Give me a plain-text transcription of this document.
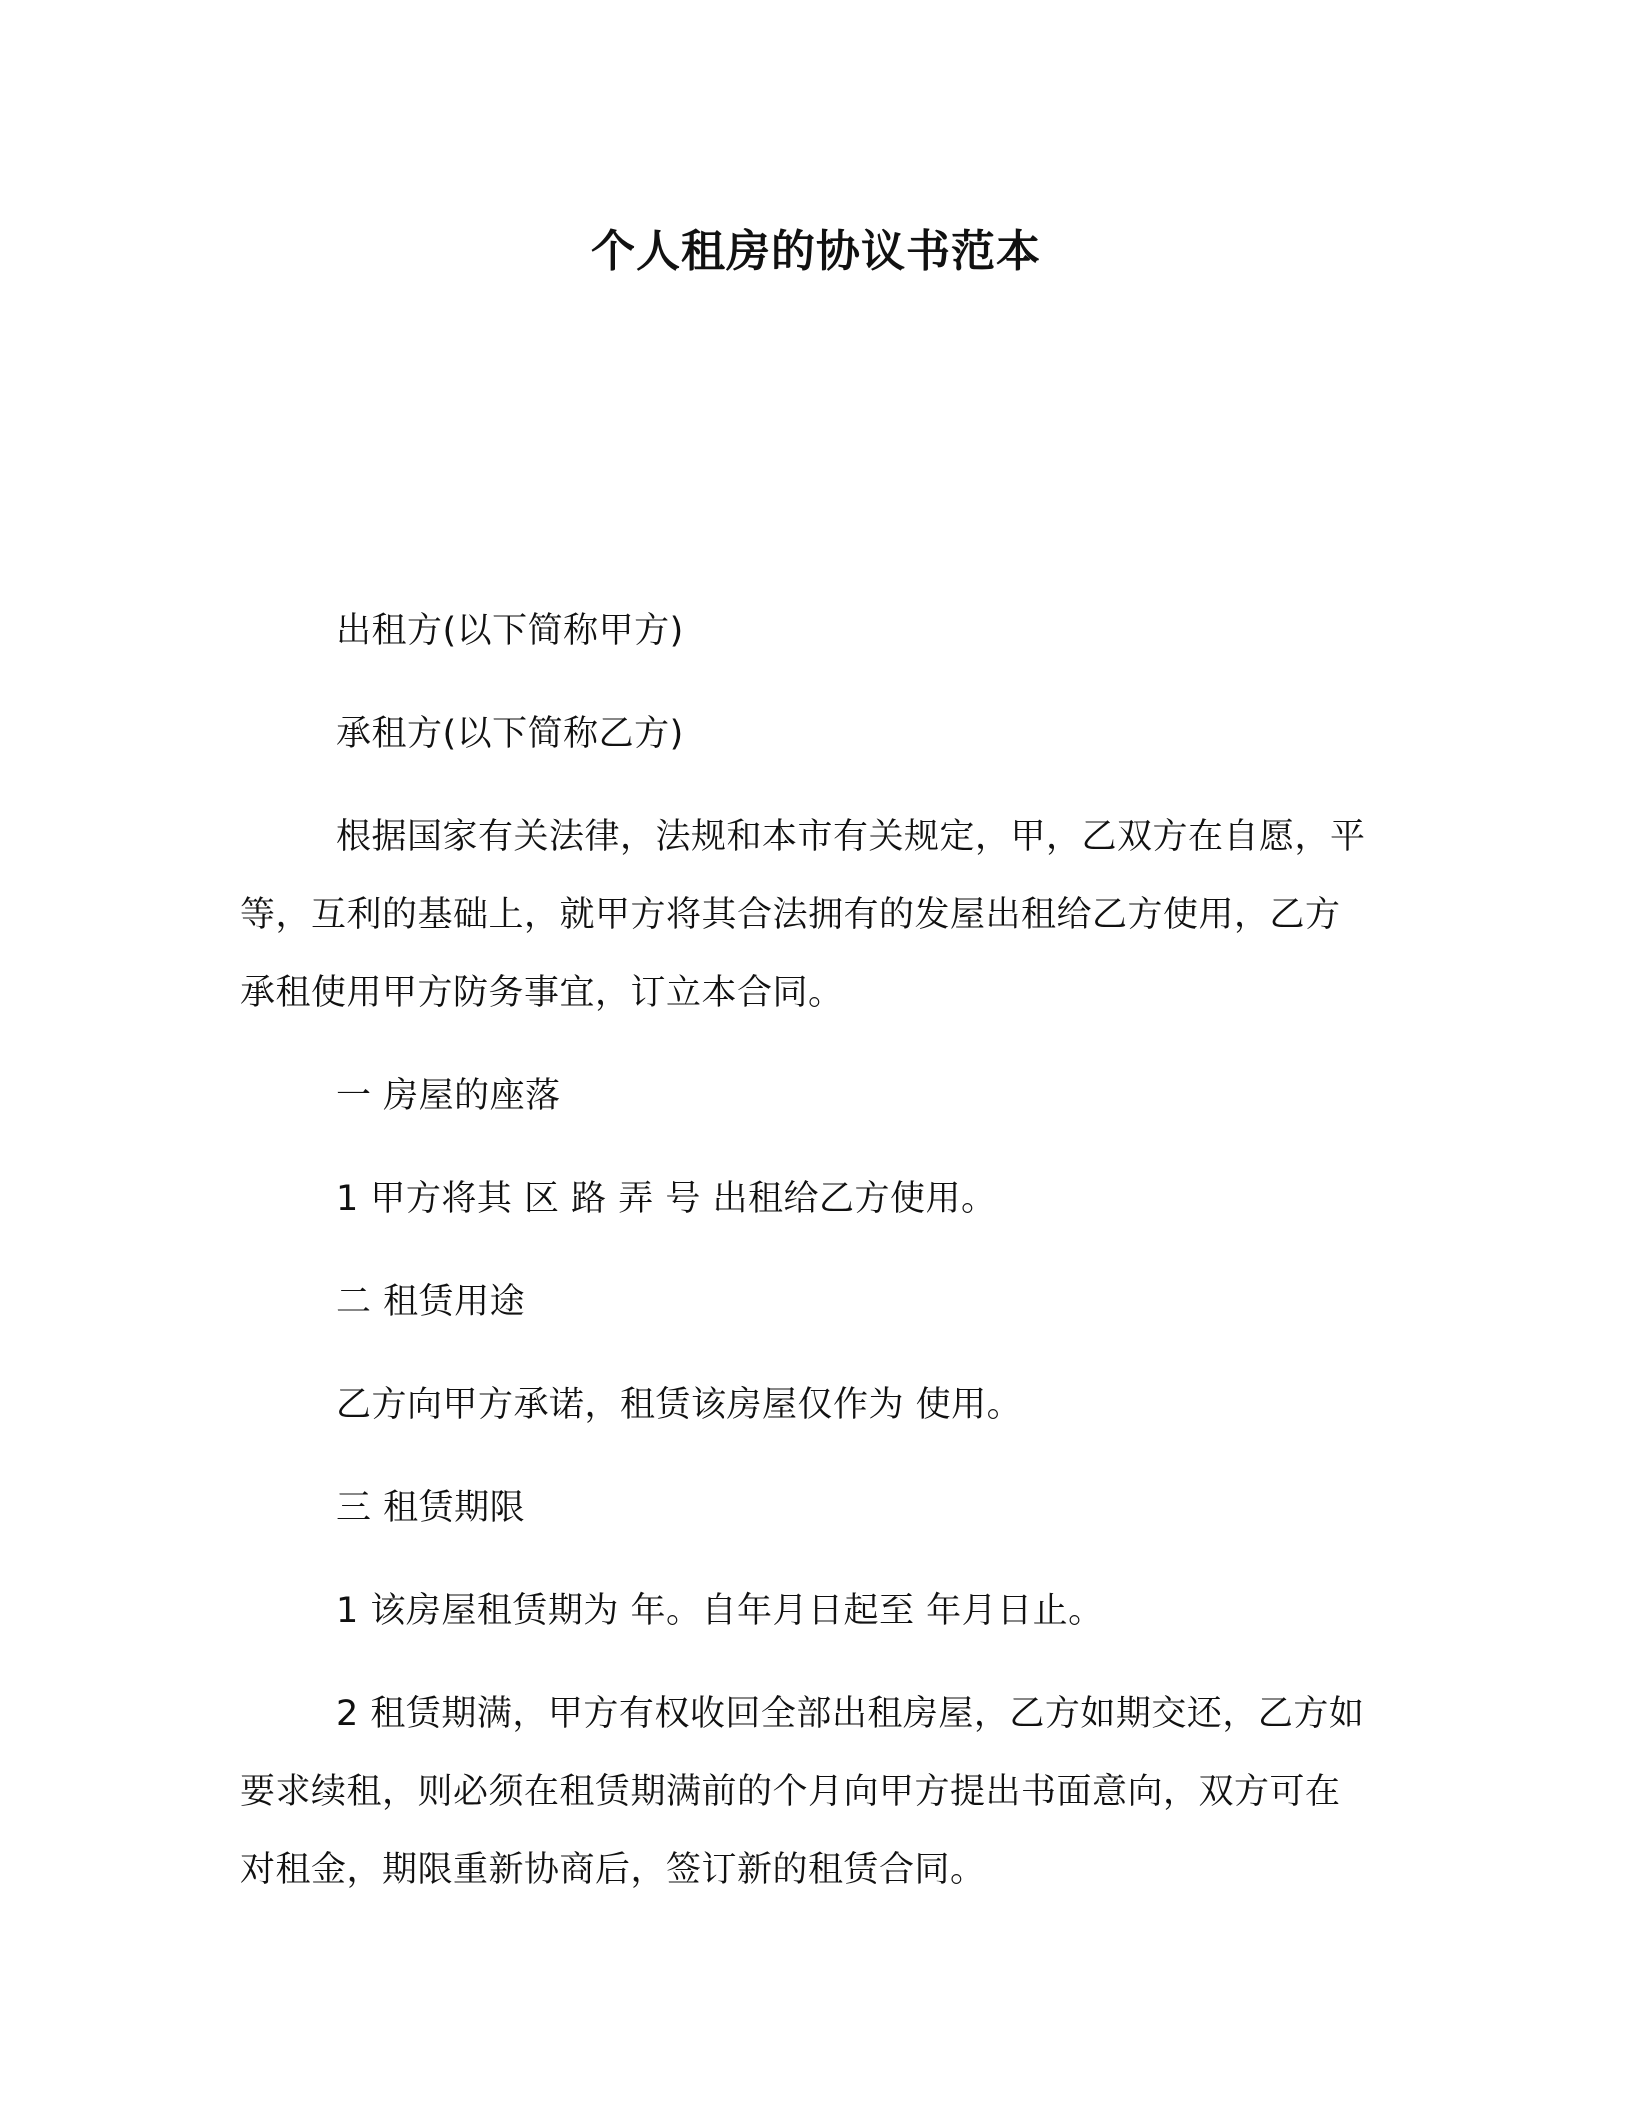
个人租房的协议书范本

出租方(以下简称甲方)

承租方(以下简称乙方)

根据国家有关法律，法规和本市有关规定，甲，乙双方在自愿，平等，互利的基础上，就甲方将其合法拥有的发屋出租给乙方使用，乙方承租使用甲方防务事宜，订立本合同。

一 房屋的座落

1 甲方将其 区 路 弄 号 出租给乙方使用。

二 租赁用途

乙方向甲方承诺，租赁该房屋仅作为 使用。

三 租赁期限

1 该房屋租赁期为 年。自年月日起至 年月日止。

2 租赁期满，甲方有权收回全部出租房屋，乙方如期交还，乙方如要求续租，则必须在租赁期满前的个月向甲方提出书面意向，双方可在对租金，期限重新协商后，签订新的租赁合同。
